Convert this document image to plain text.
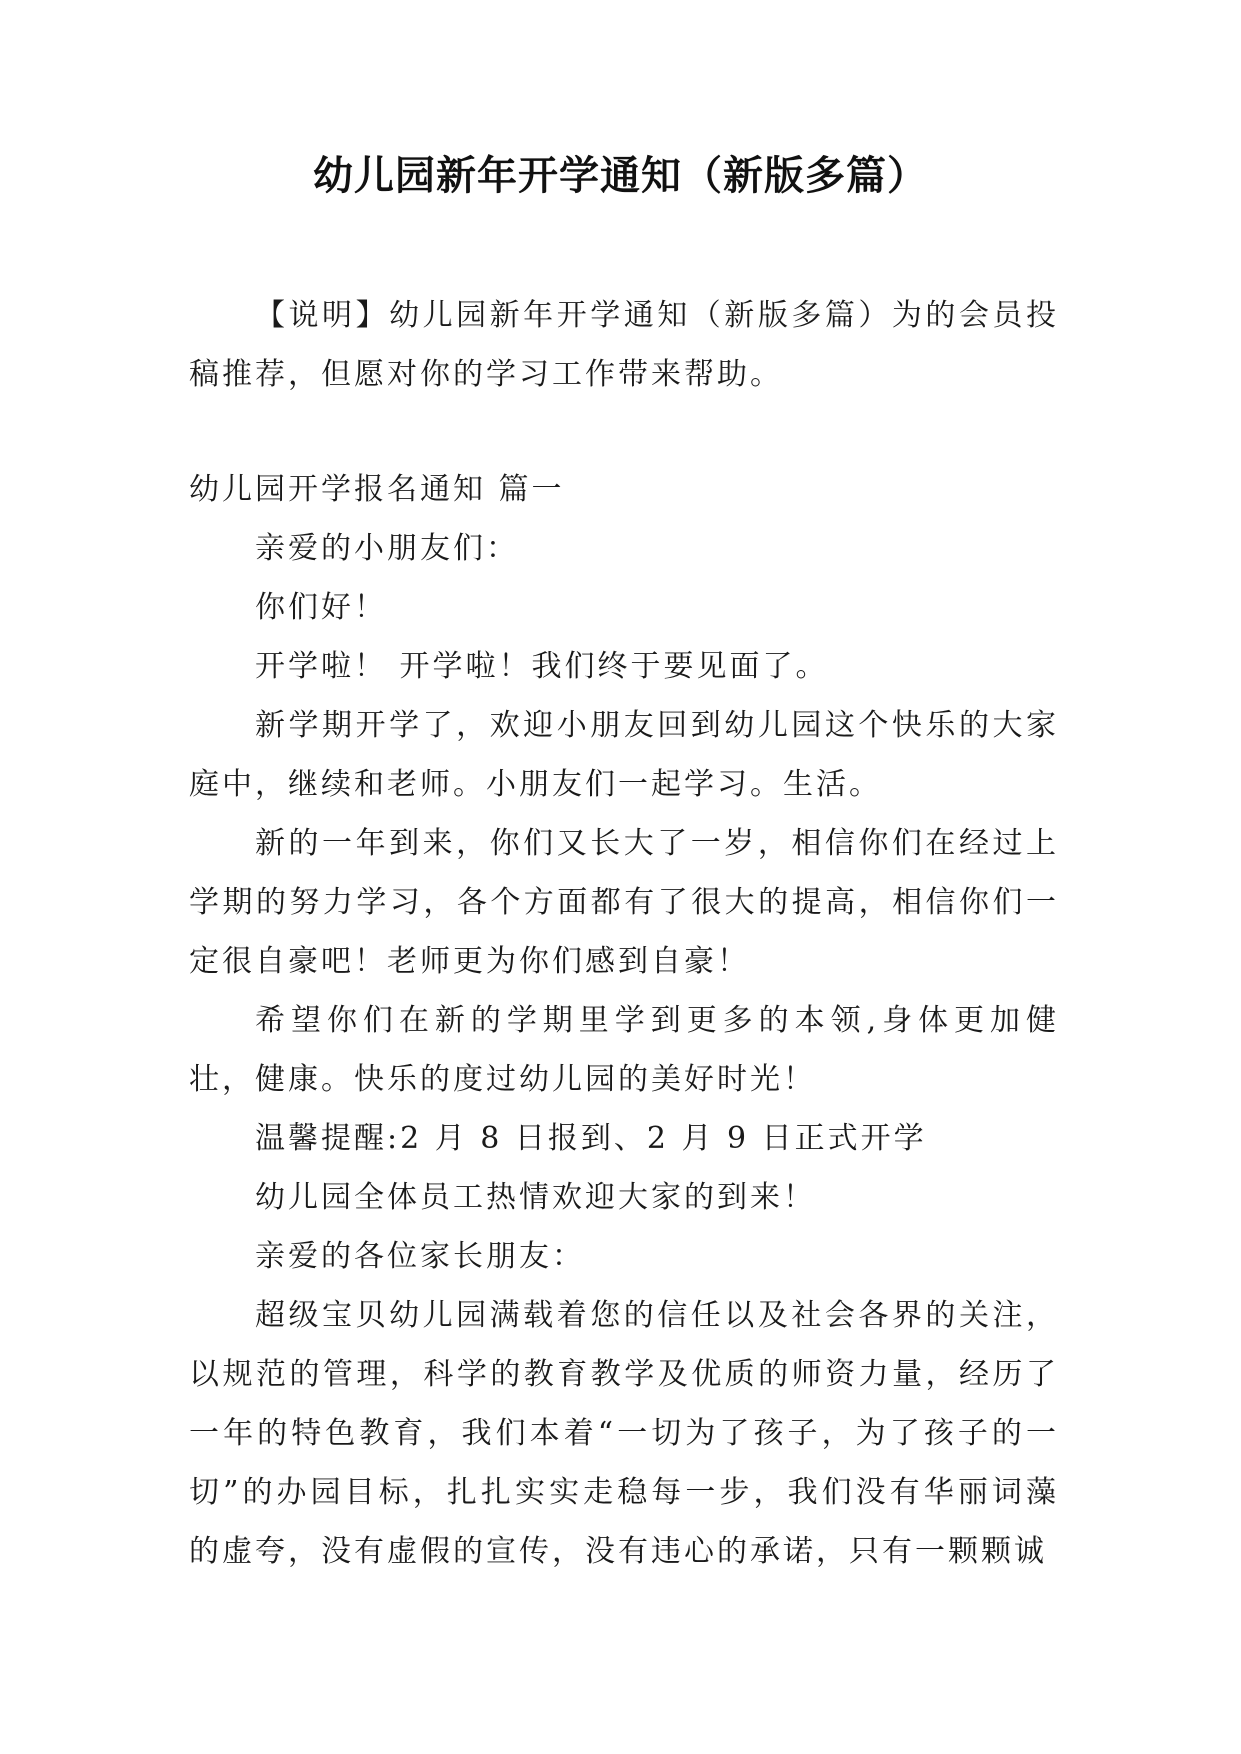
幼儿园新年开学通知（新版多篇）

【说明】幼儿园新年开学通知（新版多篇）为的会员投稿推荐，但愿对你的学习工作带来帮助。

幼儿园开学报名通知 篇一

亲爱的小朋友们：

你们好！

开学啦！ 开学啦！我们终于要见面了。

新学期开学了，欢迎小朋友回到幼儿园这个快乐的大家庭中，继续和老师。小朋友们一起学习。生活。

新的一年到来，你们又长大了一岁，相信你们在经过上学期的努力学习，各个方面都有了很大的提高，相信你们一定很自豪吧！老师更为你们感到自豪！

希望你们在新的学期里学到更多的本领,身体更加健壮，健康。快乐的度过幼儿园的美好时光！

温馨提醒:2 月 8 日报到、2 月 9 日正式开学

幼儿园全体员工热情欢迎大家的到来！

亲爱的各位家长朋友：

超级宝贝幼儿园满载着您的信任以及社会各界的关注，以规范的管理，科学的教育教学及优质的师资力量，经历了一年的特色教育，我们本着“一切为了孩子，为了孩子的一切”的办园目标，扎扎实实走稳每一步，我们没有华丽词藻的虚夸，没有虚假的宣传，没有违心的承诺，只有一颗颗诚
